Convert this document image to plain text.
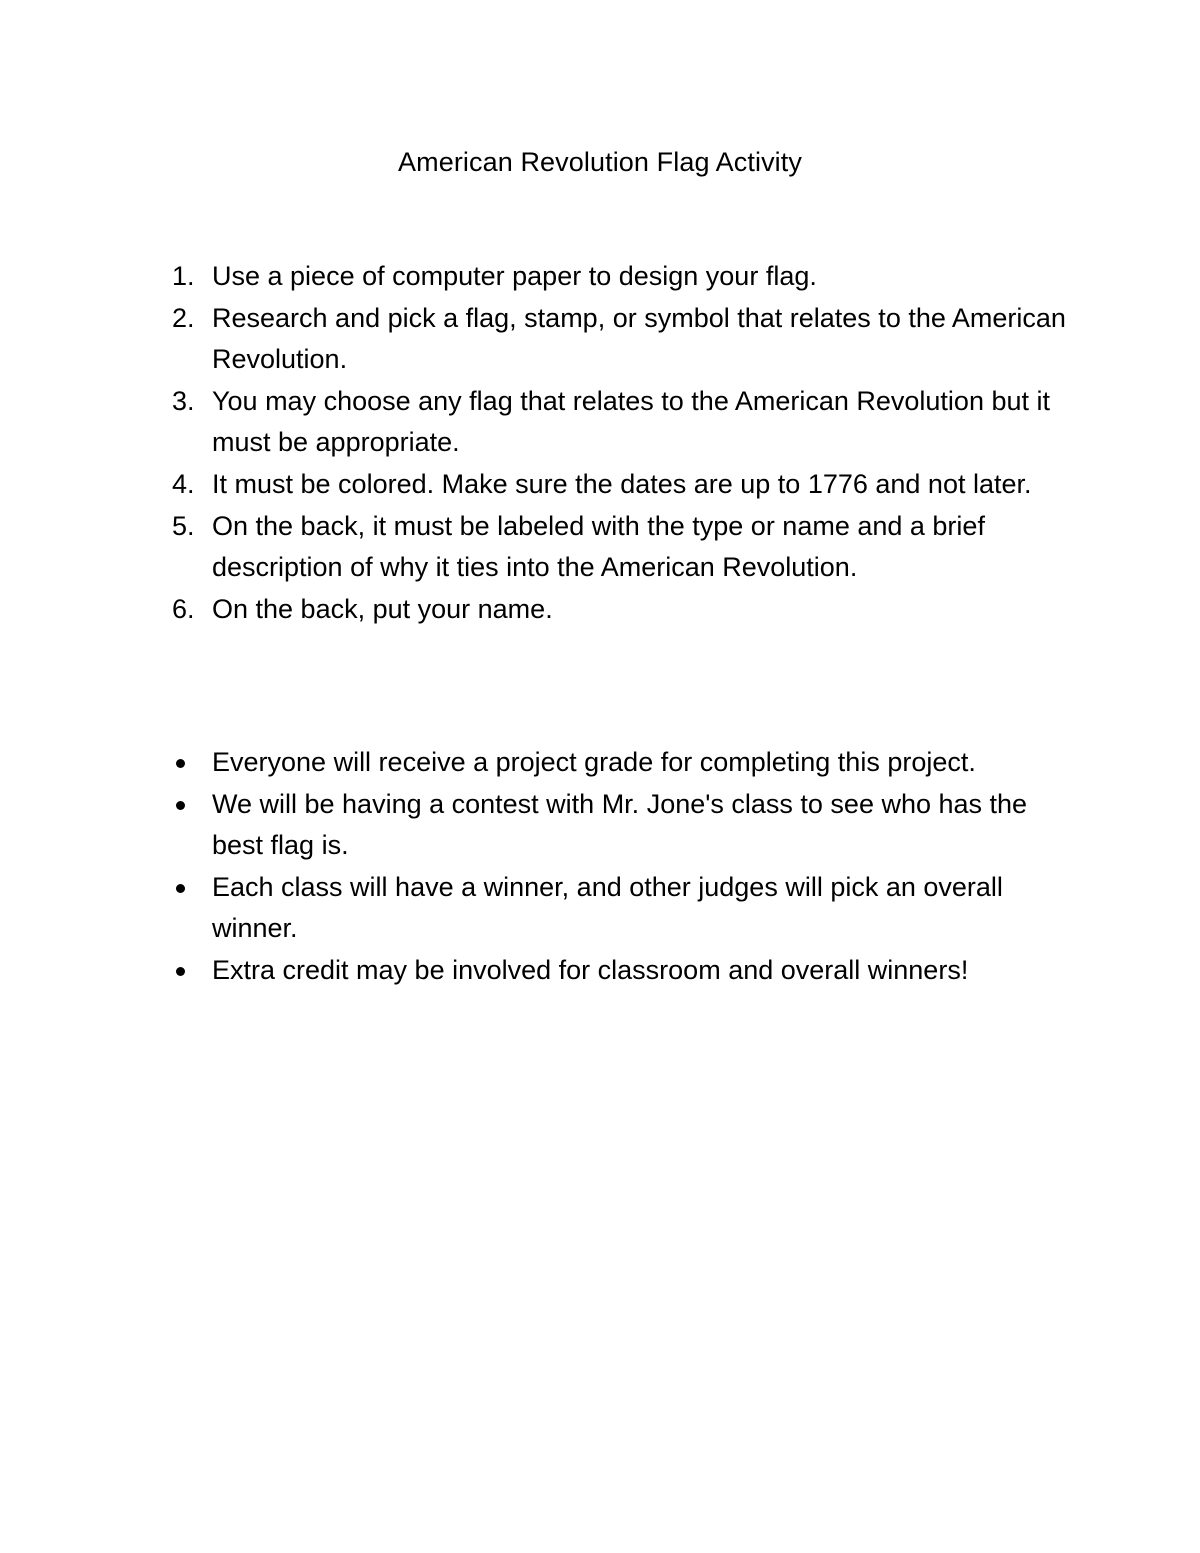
American Revolution Flag Activity
1. Use a piece of computer paper to design your flag.
2. Research and pick a flag, stamp, or symbol that relates to the American Revolution.
3. You may choose any flag that relates to the American Revolution but it must be appropriate.
4. It must be colored. Make sure the dates are up to 1776 and not later.
5. On the back, it must be labeled with the type or name and a brief description of why it ties into the American Revolution.
6. On the back, put your name.
Everyone will receive a project grade for completing this project.
We will be having a contest with Mr. Jone's class to see who has the best flag is.
Each class will have a winner, and other judges will pick an overall winner.
Extra credit may be involved for classroom and overall winners!
